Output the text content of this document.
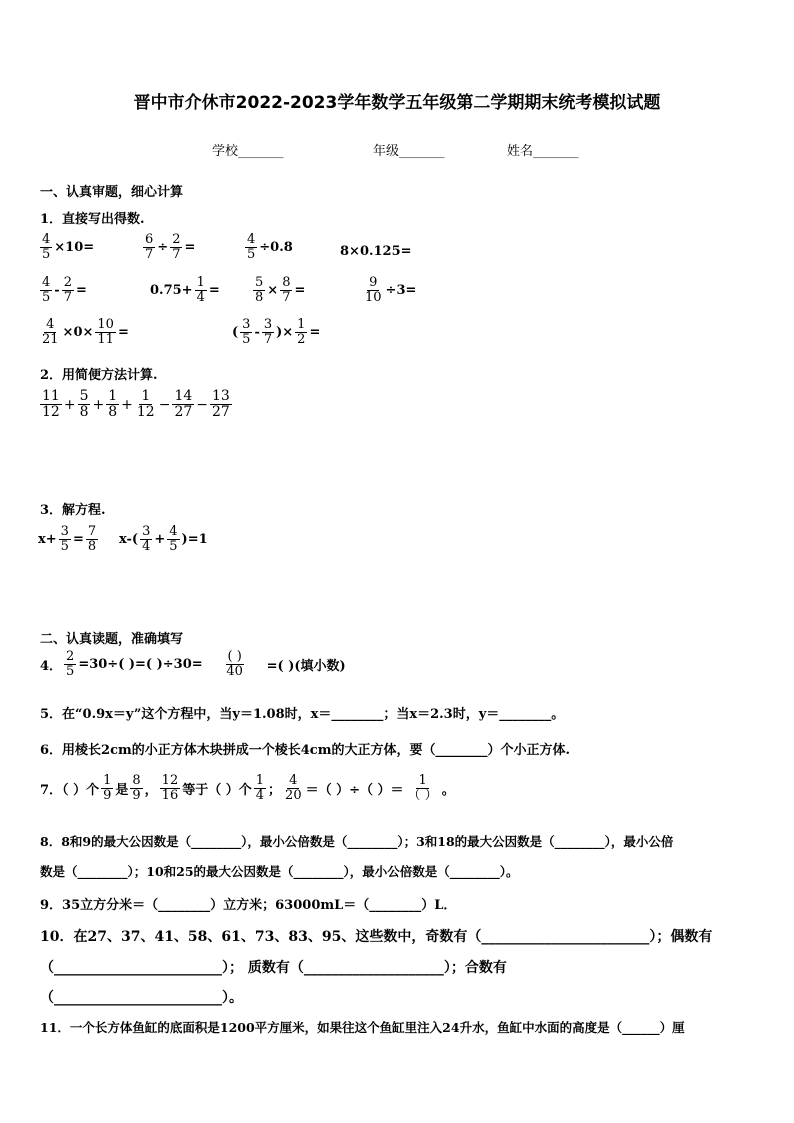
晋中市介休市2022-2023学年数学五年级第二学期期末统考模拟试题
学校_______	年级_______	姓名_______
一、认真审题，细心计算
1．直接写出得数.
$\frac{4}{5} \times 10=$	$\frac{6}{7} \div \frac{2}{7}$ =	$\frac{4}{5} \div 0.8$	8×0.125=
$\frac{4}{5} - \frac{2}{7}$ =	$0.75+ \frac{1}{4}$ =	$\frac{5}{8} \times \frac{8}{7}$ =	$\frac{9}{10} \div 3=$
$\frac{4}{21} \times 0\times \frac{10}{11}$ =	( $\frac{3}{5} - \frac{3}{7}$ )× $\frac{1}{2}$ =
2．用简便方法计算.
$\frac{11}{12} + \frac{5}{8} + \frac{1}{8} + \frac{1}{12} - \frac{14}{27} - \frac{13}{27}$
3．解方程.
$x+ \frac{3}{5} = \frac{7}{8} x-( \frac{3}{4} + \frac{4}{5} )=1$
二、认真读题，准确填写
4． $\frac{2}{5} =30\div$( )=( )$\div 30= \frac{( )}{40}$ =( )(填小数)
5．在“0.9x＝y”这个方程中，当y＝1.08时，x＝________；当x＝2.3时，y＝________。
6．用棱长2cm的小正方体木块拼成一个棱长4cm的大正方体，要（________）个小正方体.
7．（ ）个 $\frac{1}{9}$ 是 $\frac{8}{9}$ ， $\frac{12}{16}$ 等于（ ）个 $\frac{1}{4}$ ； $\frac{4}{20}$ ＝（ ）÷（ ）＝ $\frac{1}{( )}$ 。
8．8和9的最大公因数是（________），最小公倍数是（________）；3和18的最大公因数是（________），最小公倍
数是（________）；10和25的最大公因数是（________），最小公倍数是（________）。
9．35立方分米＝（________）立方米；63000mL＝（________）L．
10．在27、37、41、58、61、73、83、95、这些数中，奇数有（________________________）；偶数有
（________________________）； 质数有（____________________）；合数有
（________________________）。
11．一个长方体鱼缸的底面积是1200平方厘米，如果往这个鱼缸里注入24升水，鱼缸中水面的高度是（______）厘
